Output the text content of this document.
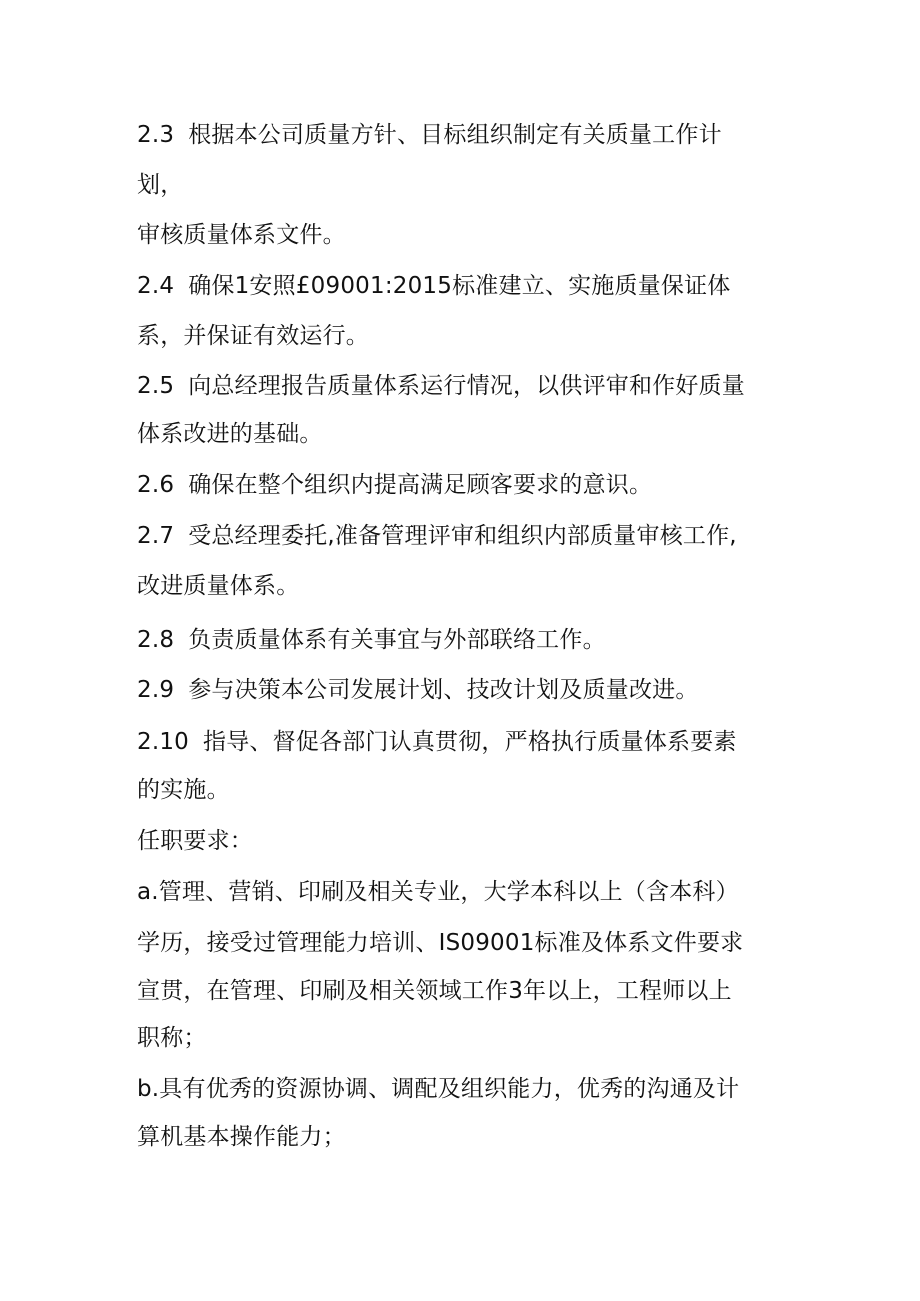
2.3 根据本公司质量方针、目标组织制定有关质量工作计
划，
审核质量体系文件。
2.4 确保1安照£09001:2015标准建立、实施质量保证体
系，并保证有效运行。
2.5 向总经理报告质量体系运行情况，以供评审和作好质量
体系改进的基础。
2.6 确保在整个组织内提高满足顾客要求的意识。
2.7 受总经理委托,准备管理评审和组织内部质量审核工作,
改进质量体系。
2.8 负责质量体系有关事宜与外部联络工作。
2.9 参与决策本公司发展计划、技改计划及质量改进。
2.10 指导、督促各部门认真贯彻，严格执行质量体系要素
的实施。
任职要求：
a.管理、营销、印刷及相关专业，大学本科以上（含本科）
学历，接受过管理能力培训、IS09001标准及体系文件要求
宣贯，在管理、印刷及相关领域工作3年以上，工程师以上
职称；
b.具有优秀的资源协调、调配及组织能力，优秀的沟通及计
算机基本操作能力；
